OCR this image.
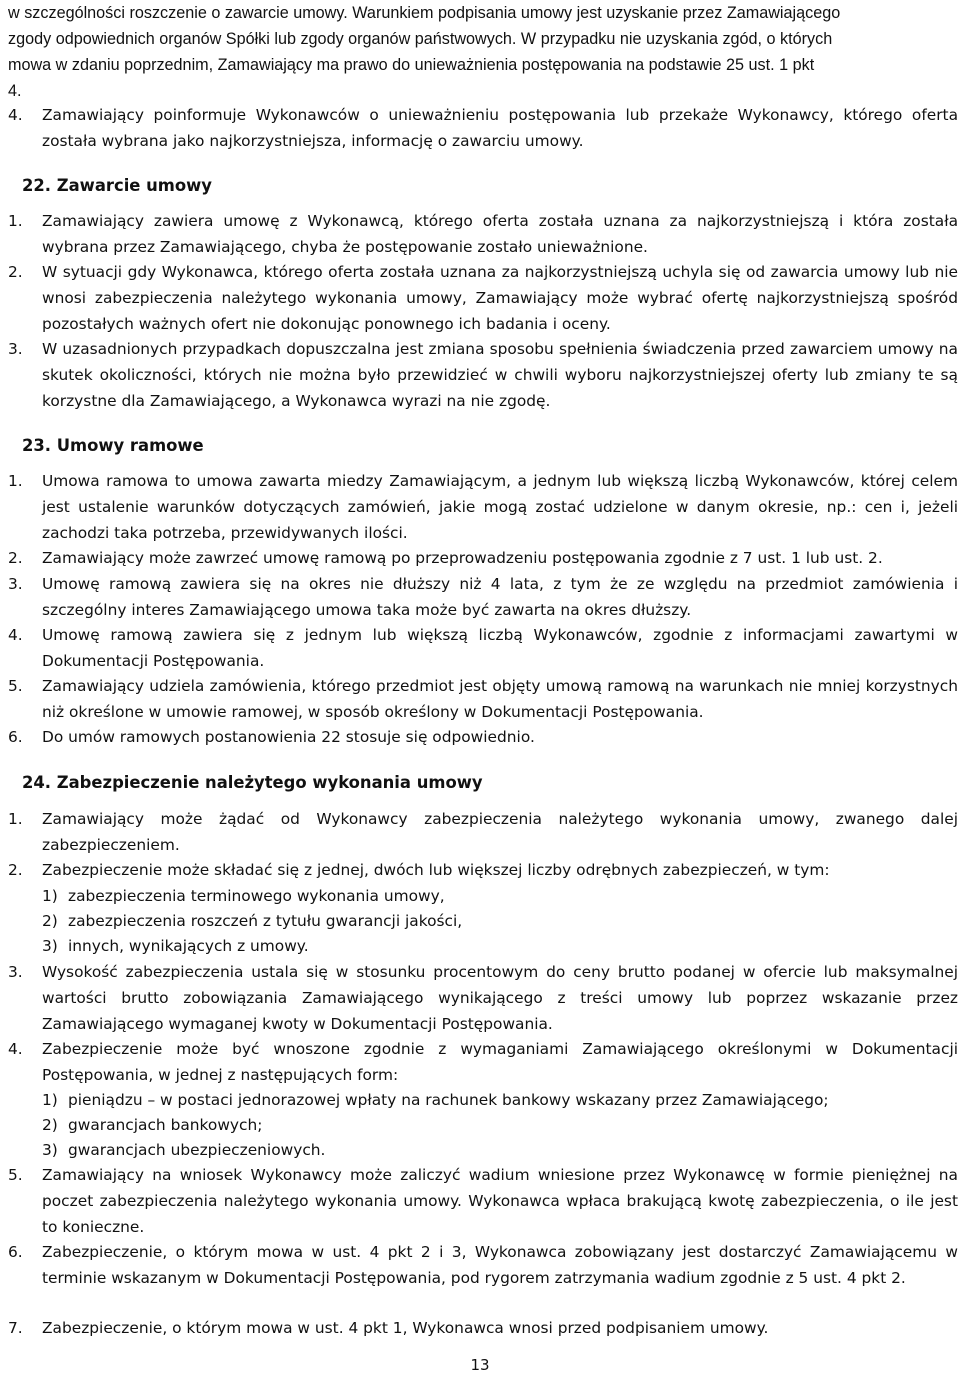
w szczególności roszczenie o zawarcie umowy. Warunkiem podpisania umowy jest uzyskanie przez Zamawiającego
zgody odpowiednich organów Spółki lub zgody organów państwowych. W przypadku nie uzyskania zgód, o których
mowa w zdaniu poprzednim, Zamawiający ma prawo do unieważnienia postępowania na podstawie 25 ust. 1 pkt
4.
4. Zamawiający poinformuje Wykonawców o unieważnieniu postępowania lub przekaże Wykonawcy, którego oferta została wybrana jako najkorzystniejsza, informację o zawarciu umowy.
22. Zawarcie umowy
1. Zamawiający zawiera umowę z Wykonawcą, którego oferta została uznana za najkorzystniejszą i która została wybrana przez Zamawiającego, chyba że postępowanie zostało unieważnione.
2. W sytuacji gdy Wykonawca, którego oferta została uznana za najkorzystniejszą uchyla się od zawarcia umowy lub nie wnosi zabezpieczenia należytego wykonania umowy, Zamawiający może wybrać ofertę najkorzystniejszą spośród pozostałych ważnych ofert nie dokonując ponownego ich badania i oceny.
3. W uzasadnionych przypadkach dopuszczalna jest zmiana sposobu spełnienia świadczenia przed zawarciem umowy na skutek okoliczności, których nie można było przewidzieć w chwili wyboru najkorzystniejszej oferty lub zmiany te są korzystne dla Zamawiającego, a Wykonawca wyrazi na nie zgodę.
23. Umowy ramowe
1. Umowa ramowa to umowa zawarta miedzy Zamawiającym, a jednym lub większą liczbą Wykonawców, której celem jest ustalenie warunków dotyczących zamówień, jakie mogą zostać udzielone w danym okresie, np.: cen i, jeżeli zachodzi taka potrzeba, przewidywanych ilości.
2. Zamawiający może zawrzeć umowę ramową po przeprowadzeniu postępowania zgodnie z 7 ust. 1 lub ust. 2.
3. Umowę ramową zawiera się na okres nie dłuższy niż 4 lata, z tym że ze względu na przedmiot zamówienia i szczególny interes Zamawiającego umowa taka może być zawarta na okres dłuższy.
4. Umowę ramową zawiera się z jednym lub większą liczbą Wykonawców, zgodnie z informacjami zawartymi w Dokumentacji Postępowania.
5. Zamawiający udziela zamówienia, którego przedmiot jest objęty umową ramową na warunkach nie mniej korzystnych niż określone w umowie ramowej, w sposób określony w Dokumentacji Postępowania.
6. Do umów ramowych postanowienia 22 stosuje się odpowiednio.
24. Zabezpieczenie należytego wykonania umowy
1. Zamawiający może żądać od Wykonawcy zabezpieczenia należytego wykonania umowy, zwanego dalej zabezpieczeniem.
2. Zabezpieczenie może składać się z jednej, dwóch lub większej liczby odrębnych zabezpieczeń, w tym:
1) zabezpieczenia terminowego wykonania umowy,
2) zabezpieczenia roszczeń z tytułu gwarancji jakości,
3) innych, wynikających z umowy.
3. Wysokość zabezpieczenia ustala się w stosunku procentowym do ceny brutto podanej w ofercie lub maksymalnej wartości brutto zobowiązania Zamawiającego wynikającego z treści umowy lub poprzez wskazanie przez Zamawiającego wymaganej kwoty w Dokumentacji Postępowania.
4. Zabezpieczenie może być wnoszone zgodnie z wymaganiami Zamawiającego określonymi w Dokumentacji Postępowania, w jednej z następujących form:
1) pieniądzu – w postaci jednorazowej wpłaty na rachunek bankowy wskazany przez Zamawiającego;
2) gwarancjach bankowych;
3) gwarancjach ubezpieczeniowych.
5. Zamawiający na wniosek Wykonawcy może zaliczyć wadium wniesione przez Wykonawcę w formie pieniężnej na poczet zabezpieczenia należytego wykonania umowy. Wykonawca wpłaca brakującą kwotę zabezpieczenia, o ile jest to konieczne.
6. Zabezpieczenie, o którym mowa w ust. 4 pkt 2 i 3, Wykonawca zobowiązany jest dostarczyć Zamawiającemu w terminie wskazanym w Dokumentacji Postępowania, pod rygorem zatrzymania wadium zgodnie z 5 ust. 4 pkt 2.
7. Zabezpieczenie, o którym mowa w ust. 4 pkt 1, Wykonawca wnosi przed podpisaniem umowy.
13
